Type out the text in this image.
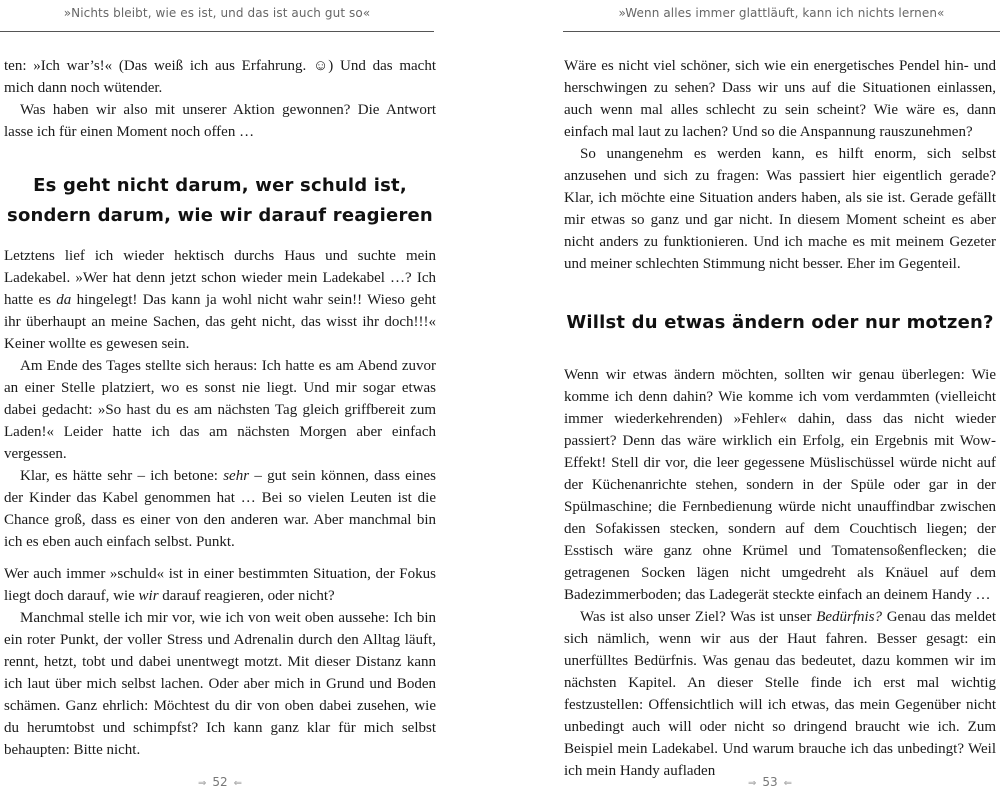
»Nichts bleibt, wie es ist, und das ist auch gut so«

ten: »Ich war’s!« (Das weiß ich aus Erfahrung. ☺) Und das macht mich dann noch wütender.

Was haben wir also mit unserer Aktion gewonnen? Die Antwort lasse ich für einen Moment noch offen …

Es geht nicht darum, wer schuld ist,
sondern darum, wie wir darauf reagieren

Letztens lief ich wieder hektisch durchs Haus und suchte mein Ladekabel. »Wer hat denn jetzt schon wieder mein Ladekabel …? Ich hatte es da hingelegt! Das kann ja wohl nicht wahr sein!! Wieso geht ihr überhaupt an meine Sachen, das geht nicht, das wisst ihr doch!!!« Keiner wollte es gewesen sein.

Am Ende des Tages stellte sich heraus: Ich hatte es am Abend zuvor an einer Stelle platziert, wo es sonst nie liegt. Und mir sogar etwas dabei gedacht: »So hast du es am nächsten Tag gleich griffbereit zum Laden!« Leider hatte ich das am nächsten Morgen aber einfach vergessen.

Klar, es hätte sehr – ich betone: sehr – gut sein können, dass eines der Kinder das Kabel genommen hat … Bei so vielen Leuten ist die Chance groß, dass es einer von den anderen war. Aber manchmal bin ich es eben auch einfach selbst. Punkt.

Wer auch immer »schuld« ist in einer bestimmten Situation, der Fokus liegt doch darauf, wie wir darauf reagieren, oder nicht?

Manchmal stelle ich mir vor, wie ich von weit oben aussehe: Ich bin ein roter Punkt, der voller Stress und Adrenalin durch den Alltag läuft, rennt, hetzt, tobt und dabei unentwegt motzt. Mit dieser Distanz kann ich laut über mich selbst lachen. Oder aber mich in Grund und Boden schämen. Ganz ehrlich: Möchtest du dir von oben dabei zusehen, wie du herumtobst und schimpfst? Ich kann ganz klar für mich selbst behaupten: Bitte nicht.

⇒ 52 ⇐
»Wenn alles immer glattläuft, kann ich nichts lernen«

Wäre es nicht viel schöner, sich wie ein energetisches Pendel hin- und herschwingen zu sehen? Dass wir uns auf die Situationen einlassen, auch wenn mal alles schlecht zu sein scheint? Wie wäre es, dann einfach mal laut zu lachen? Und so die Anspannung rauszunehmen?

So unangenehm es werden kann, es hilft enorm, sich selbst anzusehen und sich zu fragen: Was passiert hier eigentlich gerade? Klar, ich möchte eine Situation anders haben, als sie ist. Gerade gefällt mir etwas so ganz und gar nicht. In diesem Moment scheint es aber nicht anders zu funktionieren. Und ich mache es mit meinem Gezeter und meiner schlechten Stimmung nicht besser. Eher im Gegenteil.

Willst du etwas ändern oder nur motzen?

Wenn wir etwas ändern möchten, sollten wir genau überlegen: Wie komme ich denn dahin? Wie komme ich vom verdammten (vielleicht immer wiederkehrenden) »Fehler« dahin, dass das nicht wieder passiert? Denn das wäre wirklich ein Erfolg, ein Ergebnis mit Wow-Effekt! Stell dir vor, die leer gegessene Müslischüssel würde nicht auf der Küchenanrichte stehen, sondern in der Spüle oder gar in der Spülmaschine; die Fernbedienung würde nicht unauffindbar zwischen den Sofakissen stecken, sondern auf dem Couchtisch liegen; der Esstisch wäre ganz ohne Krümel und Tomatensoßenflecken; die getragenen Socken lägen nicht umgedreht als Knäuel auf dem Badezimmerboden; das Ladegerät steckte einfach an deinem Handy …

Was ist also unser Ziel? Was ist unser Bedürfnis? Genau das meldet sich nämlich, wenn wir aus der Haut fahren. Besser gesagt: ein unerfülltes Bedürfnis. Was genau das bedeutet, dazu kommen wir im nächsten Kapitel. An dieser Stelle finde ich erst mal wichtig festzustellen: Offensichtlich will ich etwas, das mein Gegenüber nicht unbedingt auch will oder nicht so dringend braucht wie ich. Zum Beispiel mein Ladekabel. Und warum brauche ich das unbedingt? Weil ich mein Handy aufladen

⇒ 53 ⇐
